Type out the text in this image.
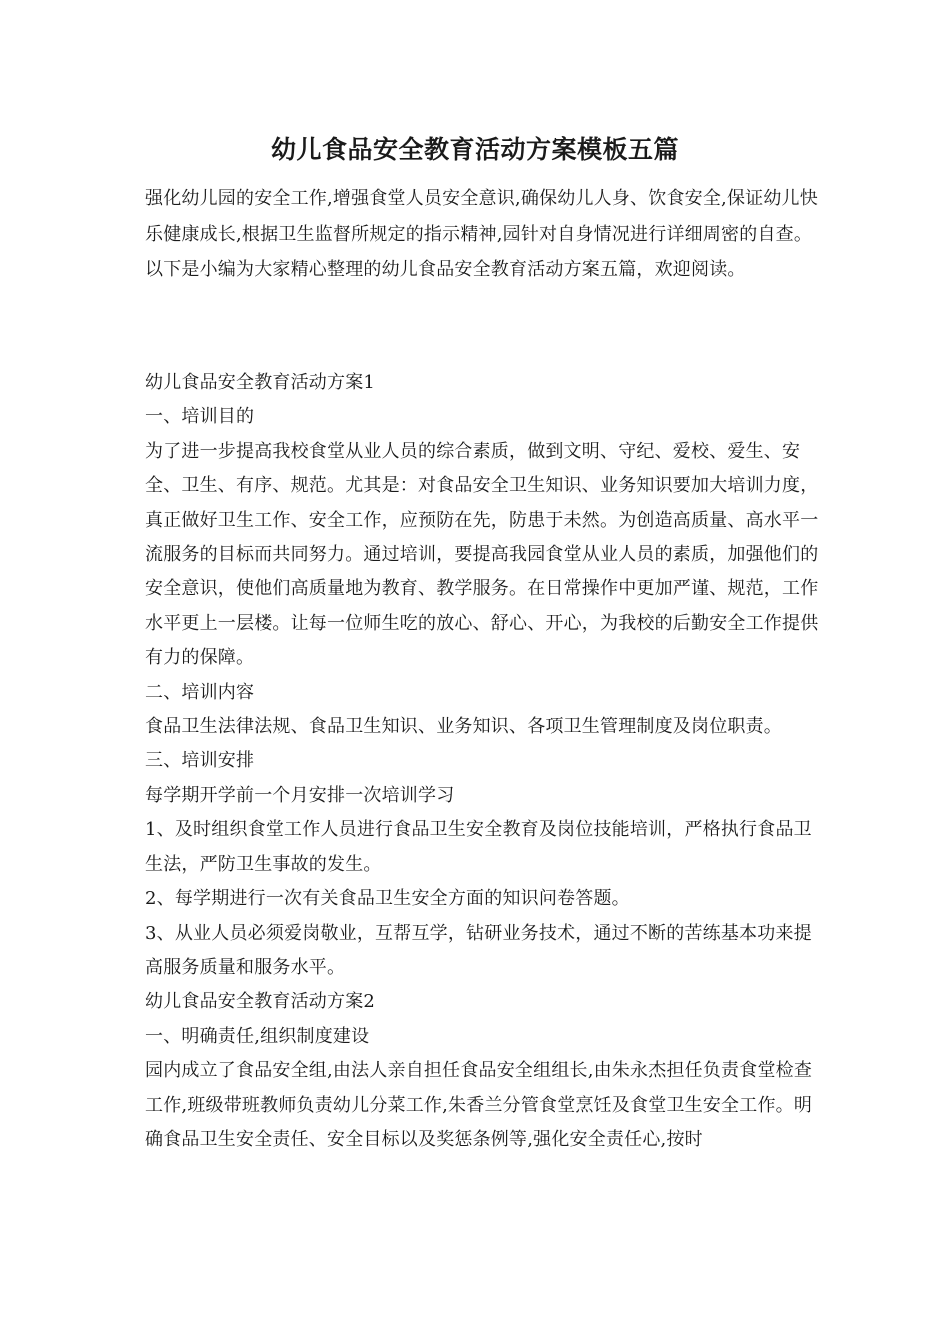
幼儿食品安全教育活动方案模板五篇

强化幼儿园的安全工作,增强食堂人员安全意识,确保幼儿人身、饮食安全,保证幼儿快乐健康成长,根据卫生监督所规定的指示精神,园针对自身情况进行详细周密的自查。以下是小编为大家精心整理的幼儿食品安全教育活动方案五篇，欢迎阅读。

幼儿食品安全教育活动方案1

一、培训目的

为了进一步提高我校食堂从业人员的综合素质，做到文明、守纪、爱校、爱生、安全、卫生、有序、规范。尤其是：对食品安全卫生知识、业务知识要加大培训力度，真正做好卫生工作、安全工作，应预防在先，防患于未然。为创造高质量、高水平一流服务的目标而共同努力。通过培训，要提高我园食堂从业人员的素质，加强他们的安全意识，使他们高质量地为教育、教学服务。在日常操作中更加严谨、规范，工作水平更上一层楼。让每一位师生吃的放心、舒心、开心，为我校的后勤安全工作提供有力的保障。

二、培训内容

食品卫生法律法规、食品卫生知识、业务知识、各项卫生管理制度及岗位职责。

三、培训安排

每学期开学前一个月安排一次培训学习

1、及时组织食堂工作人员进行食品卫生安全教育及岗位技能培训，严格执行食品卫生法，严防卫生事故的发生。

2、每学期进行一次有关食品卫生安全方面的知识问卷答题。

3、从业人员必须爱岗敬业，互帮互学，钻研业务技术，通过不断的苦练基本功来提高服务质量和服务水平。

幼儿食品安全教育活动方案2

一、明确责任,组织制度建设

园内成立了食品安全组,由法人亲自担任食品安全组组长,由朱永杰担任负责食堂检查工作,班级带班教师负责幼儿分菜工作,朱香兰分管食堂烹饪及食堂卫生安全工作。明确食品卫生安全责任、安全目标以及奖惩条例等,强化安全责任心,按时
